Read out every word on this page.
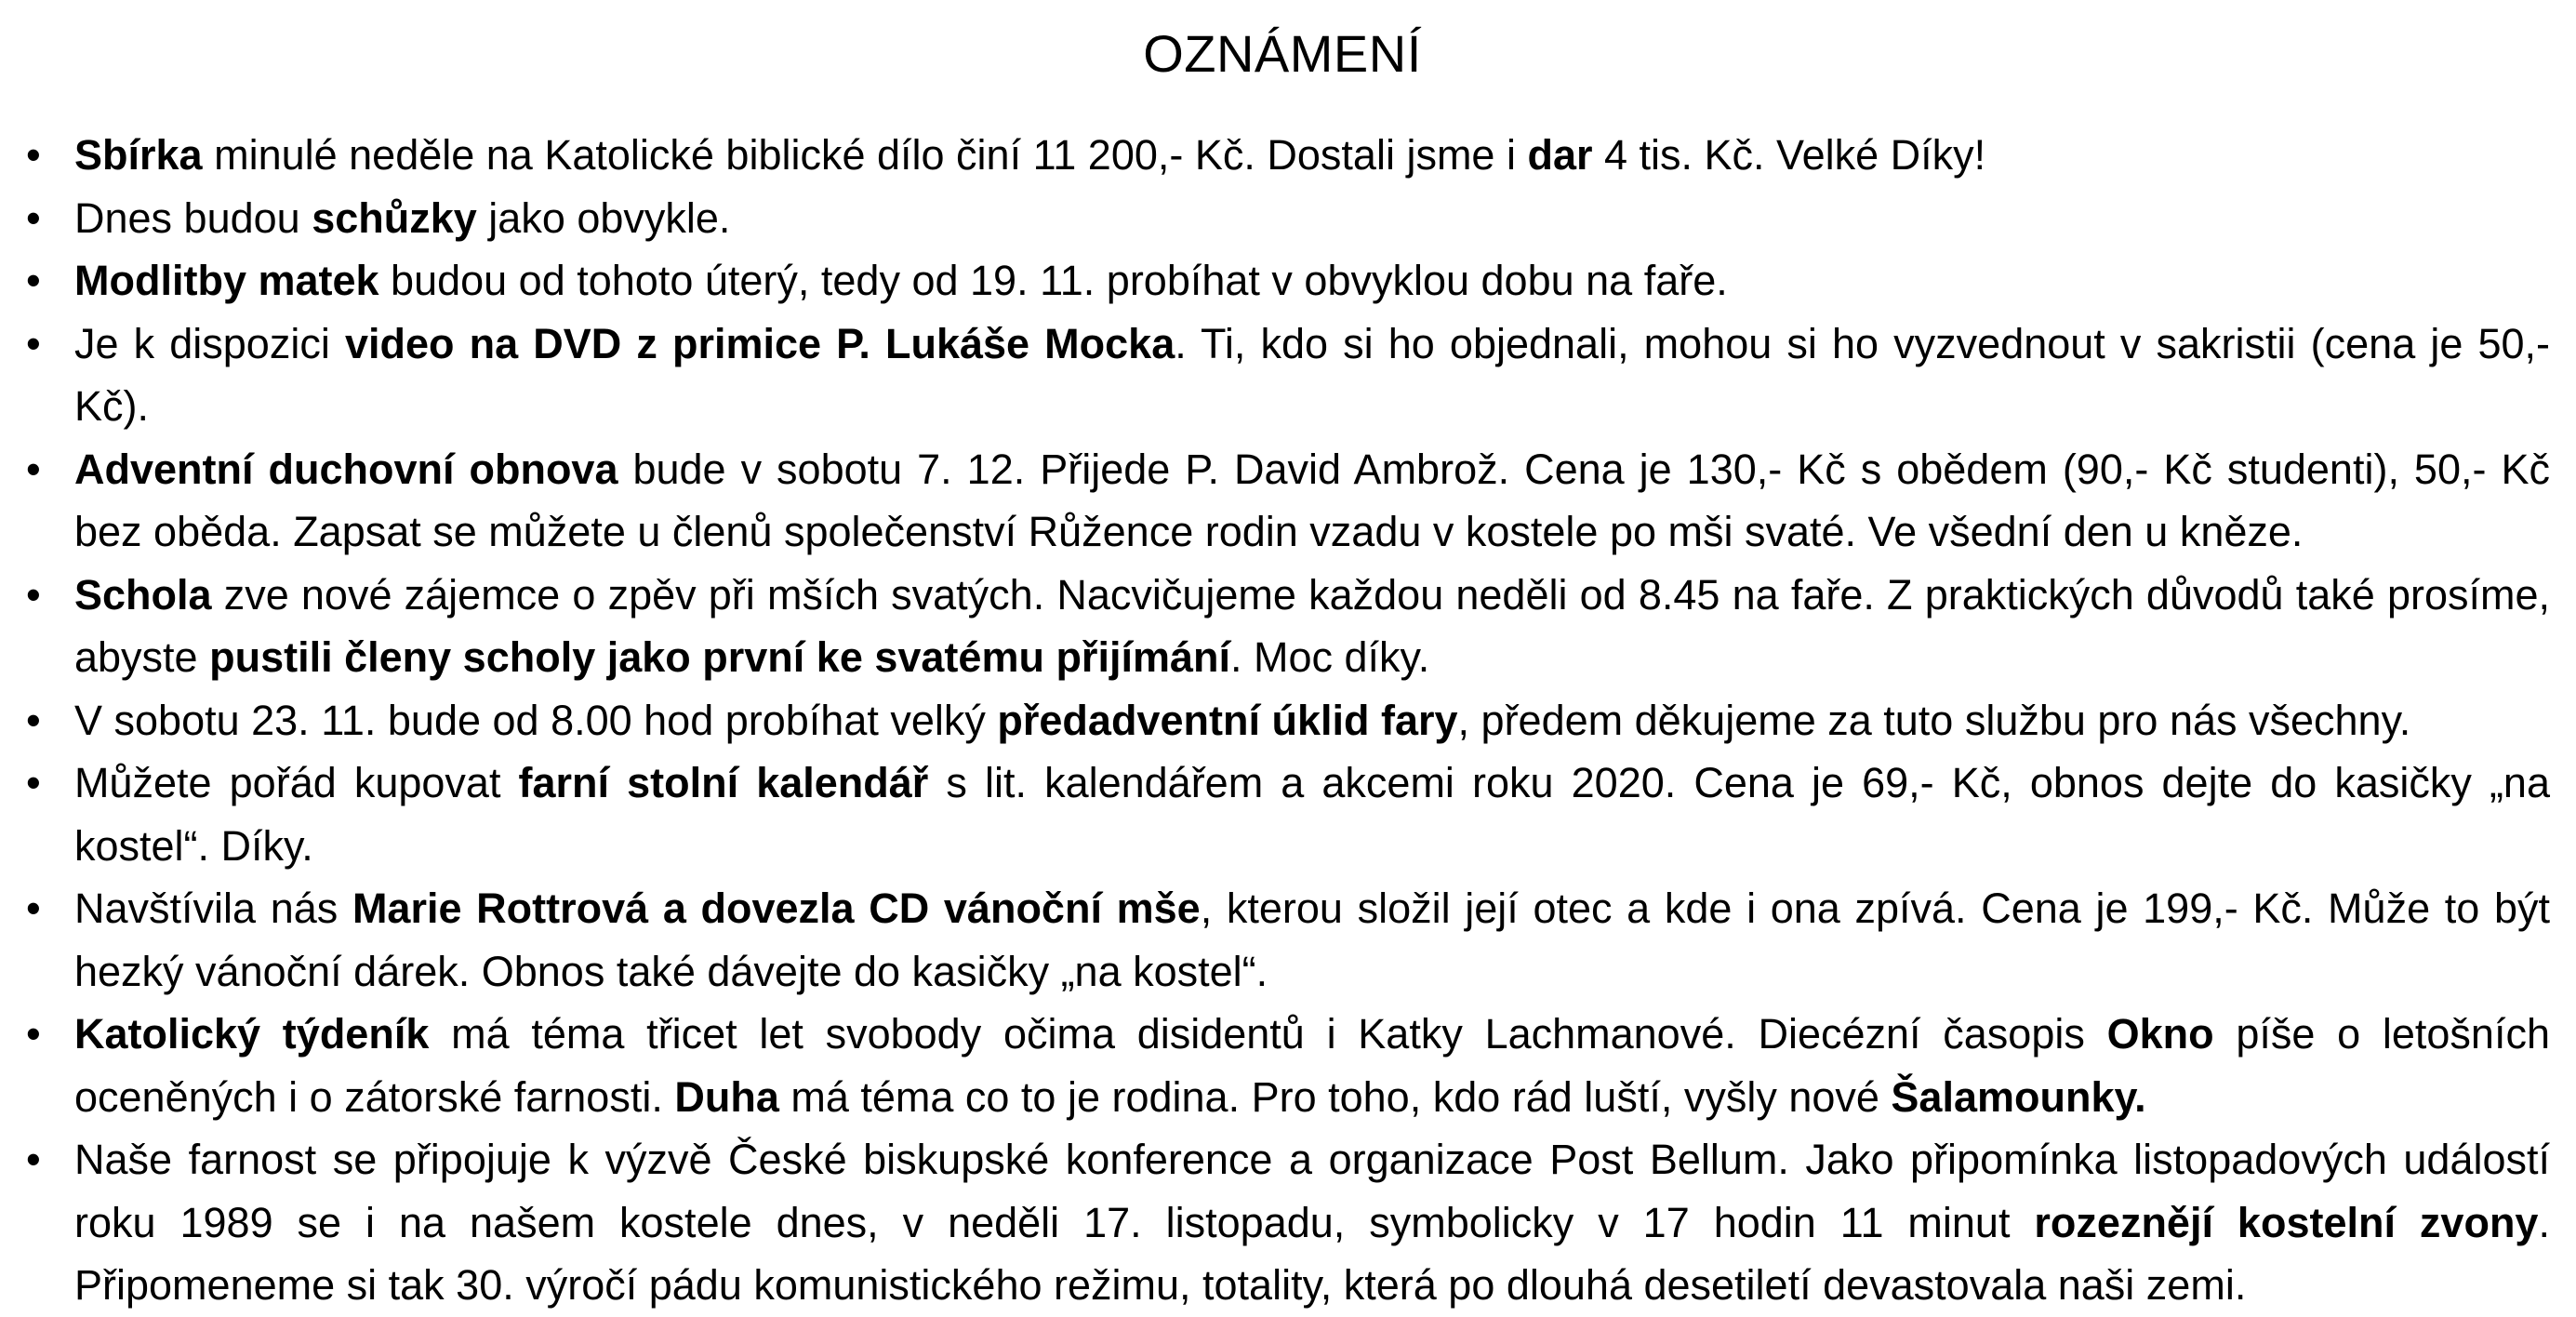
OZNÁMENÍ
• Sbírka minulé neděle na Katolické biblické dílo činí 11 200,- Kč. Dostali jsme i dar 4 tis. Kč. Velké Díky!
• Dnes budou schůzky jako obvykle.
• Modlitby matek budou od tohoto úterý, tedy od 19. 11. probíhat v obvyklou dobu na faře.
• Je k dispozici video na DVD z primice P. Lukáše Mocka. Ti, kdo si ho objednali, mohou si ho vyzvednout v sakristii (cena je 50,- Kč).
• Adventní duchovní obnova bude v sobotu 7. 12. Přijede P. David Ambrož. Cena je 130,- Kč s obědem (90,- Kč studenti), 50,- Kč bez oběda. Zapsat se můžete u členů společenství Růžence rodin vzadu v kostele po mši svaté. Ve všední den u kněze.
• Schola zve nové zájemce o zpěv při mších svatých. Nacvičujeme každou neděli od 8.45 na faře. Z praktických důvodů také prosíme, abyste pustili členy scholy jako první ke svatému přijímání. Moc díky.
• V sobotu 23. 11. bude od 8.00 hod probíhat velký předadventní úklid fary, předem děkujeme za tuto službu pro nás všechny.
• Můžete pořád kupovat farní stolní kalendář s lit. kalendářem a akcemi roku 2020. Cena je 69,- Kč, obnos dejte do kasičky „na kostel“. Díky.
• Navštívila nás Marie Rottrová a dovezla CD vánoční mše, kterou složil její otec a kde i ona zpívá. Cena je 199,- Kč. Může to být hezký vánoční dárek. Obnos také dávejte do kasičky „na kostel“.
• Katolický týdeník má téma třicet let svobody očima disidentů i Katky Lachmanové. Diecézní časopis Okno píše o letošních oceněných i o zátorské farnosti. Duha má téma co to je rodina. Pro toho, kdo rád luští, vyšly nové Šalamounky.
• Naše farnost se připojuje k výzvě České biskupské konference a organizace Post Bellum. Jako připomínka listopadových událostí roku 1989 se i na našem kostele dnes, v neděli 17. listopadu, symbolicky v 17 hodin 11 minut rozeznějí kostelní zvony. Připomeneme si tak 30. výročí pádu komunistického režimu, totality, která po dlouhá desetiletí devastovala naši zemi.
